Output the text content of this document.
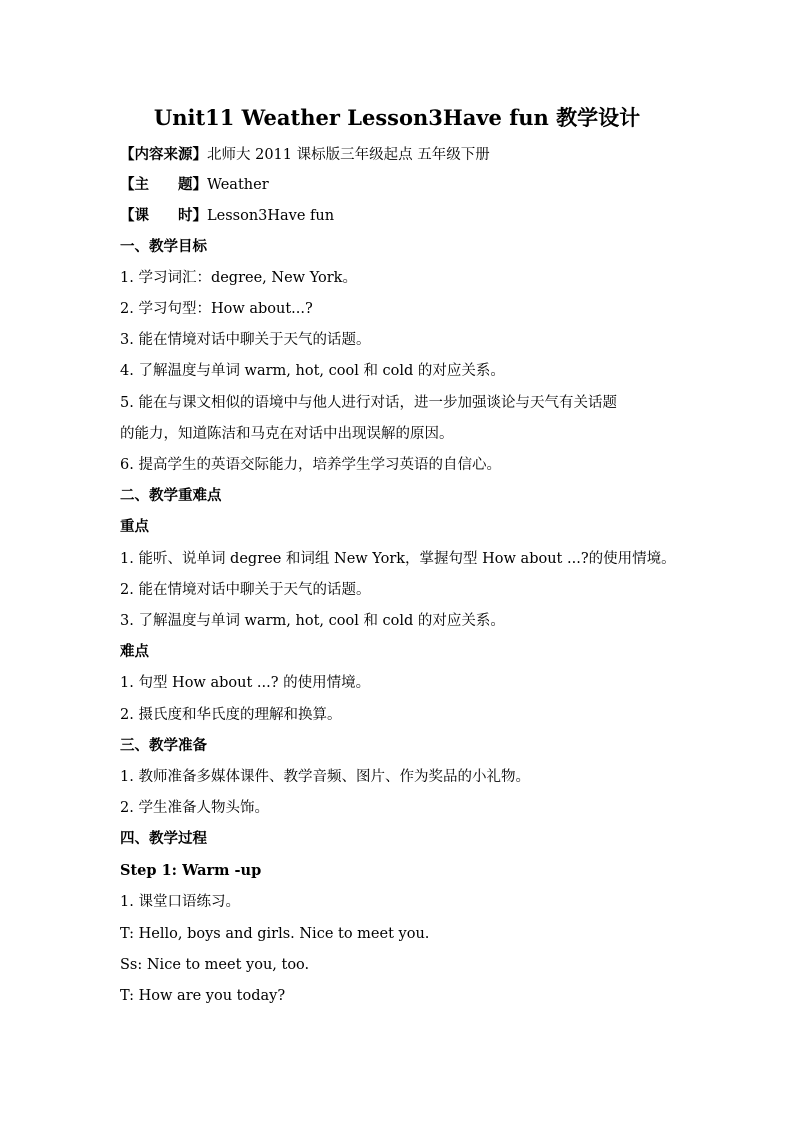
Unit11 Weather Lesson3Have fun 教学设计
【内容来源】北师大 2011 课标版三年级起点 五年级下册
【主　　题】Weather
【课　　时】Lesson3Have fun
一、教学目标
1. 学习词汇：degree, New York。
2. 学习句型：How about...?
3. 能在情境对话中聊关于天气的话题。
4. 了解温度与单词 warm, hot, cool 和 cold 的对应关系。
5. 能在与课文相似的语境中与他人进行对话，进一步加强谈论与天气有关话题
的能力，知道陈洁和马克在对话中出现误解的原因。
6. 提高学生的英语交际能力，培养学生学习英语的自信心。
二、教学重难点
重点
1. 能听、说单词 degree 和词组 New York，掌握句型 How about ...?的使用情境。
2. 能在情境对话中聊关于天气的话题。
3. 了解温度与单词 warm, hot, cool 和 cold 的对应关系。
难点
1. 句型 How about ...? 的使用情境。
2. 摄氏度和华氏度的理解和换算。
三、教学准备
1. 教师准备多媒体课件、教学音频、图片、作为奖品的小礼物。
2. 学生准备人物头饰。
四、教学过程
Step 1: Warm -up
1. 课堂口语练习。
T: Hello, boys and girls. Nice to meet you.
Ss: Nice to meet you, too.
T: How are you today?
